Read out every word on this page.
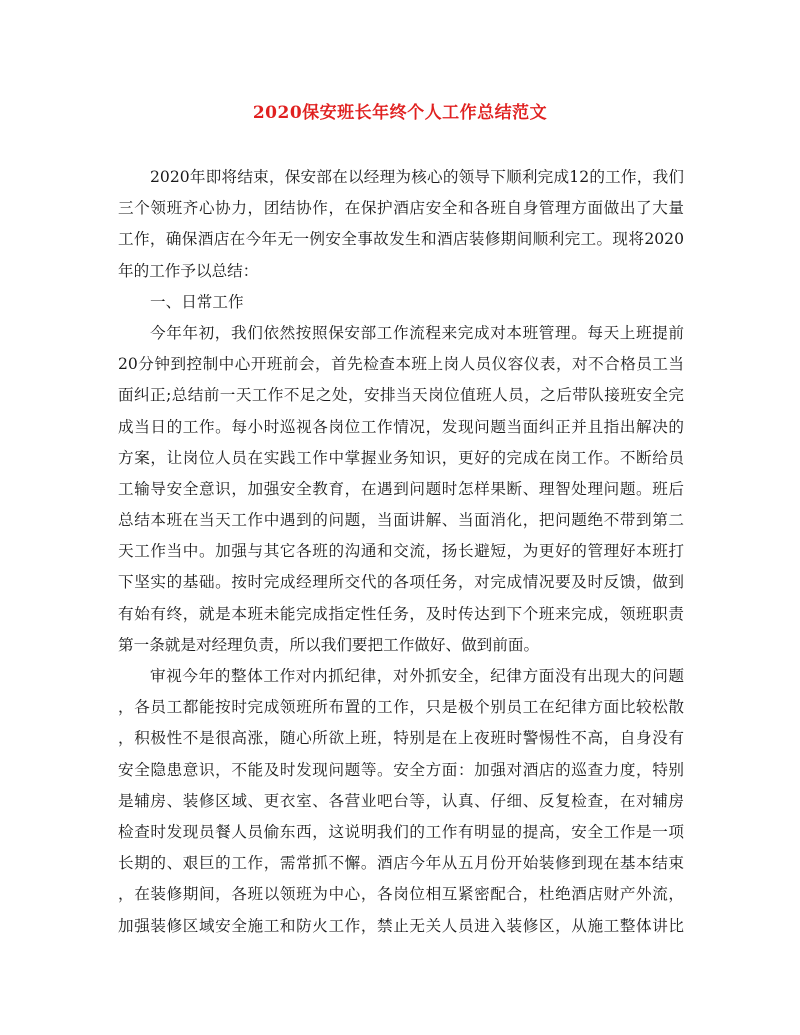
2020保安班长年终个人工作总结范文
2020年即将结束，保安部在以经理为核心的领导下顺利完成12的工作，我们
三个领班齐心协力，团结协作，在保护酒店安全和各班自身管理方面做出了大量
工作，确保酒店在今年无一例安全事故发生和酒店装修期间顺利完工。现将2020
年的工作予以总结：
一、日常工作
今年年初，我们依然按照保安部工作流程来完成对本班管理。每天上班提前
20分钟到控制中心开班前会，首先检查本班上岗人员仪容仪表，对不合格员工当
面纠正;总结前一天工作不足之处，安排当天岗位值班人员，之后带队接班安全完
成当日的工作。每小时巡视各岗位工作情况，发现问题当面纠正并且指出解决的
方案，让岗位人员在实践工作中掌握业务知识，更好的完成在岗工作。不断给员
工输导安全意识，加强安全教育，在遇到问题时怎样果断、理智处理问题。班后
总结本班在当天工作中遇到的问题，当面讲解、当面消化，把问题绝不带到第二
天工作当中。加强与其它各班的沟通和交流，扬长避短，为更好的管理好本班打
下坚实的基础。按时完成经理所交代的各项任务，对完成情况要及时反馈，做到
有始有终，就是本班未能完成指定性任务，及时传达到下个班来完成，领班职责
第一条就是对经理负责，所以我们要把工作做好、做到前面。
审视今年的整体工作对内抓纪律，对外抓安全，纪律方面没有出现大的问题
，各员工都能按时完成领班所布置的工作，只是极个别员工在纪律方面比较松散
，积极性不是很高涨，随心所欲上班，特别是在上夜班时警惕性不高，自身没有
安全隐患意识，不能及时发现问题等。安全方面：加强对酒店的巡查力度，特别
是辅房、装修区域、更衣室、各营业吧台等，认真、仔细、反复检查，在对辅房
检查时发现员餐人员偷东西，这说明我们的工作有明显的提高，安全工作是一项
长期的、艰巨的工作，需常抓不懈。酒店今年从五月份开始装修到现在基本结束
，在装修期间，各班以领班为中心，各岗位相互紧密配合，杜绝酒店财产外流，
加强装修区域安全施工和防火工作，禁止无关人员进入装修区，从施工整体讲比
